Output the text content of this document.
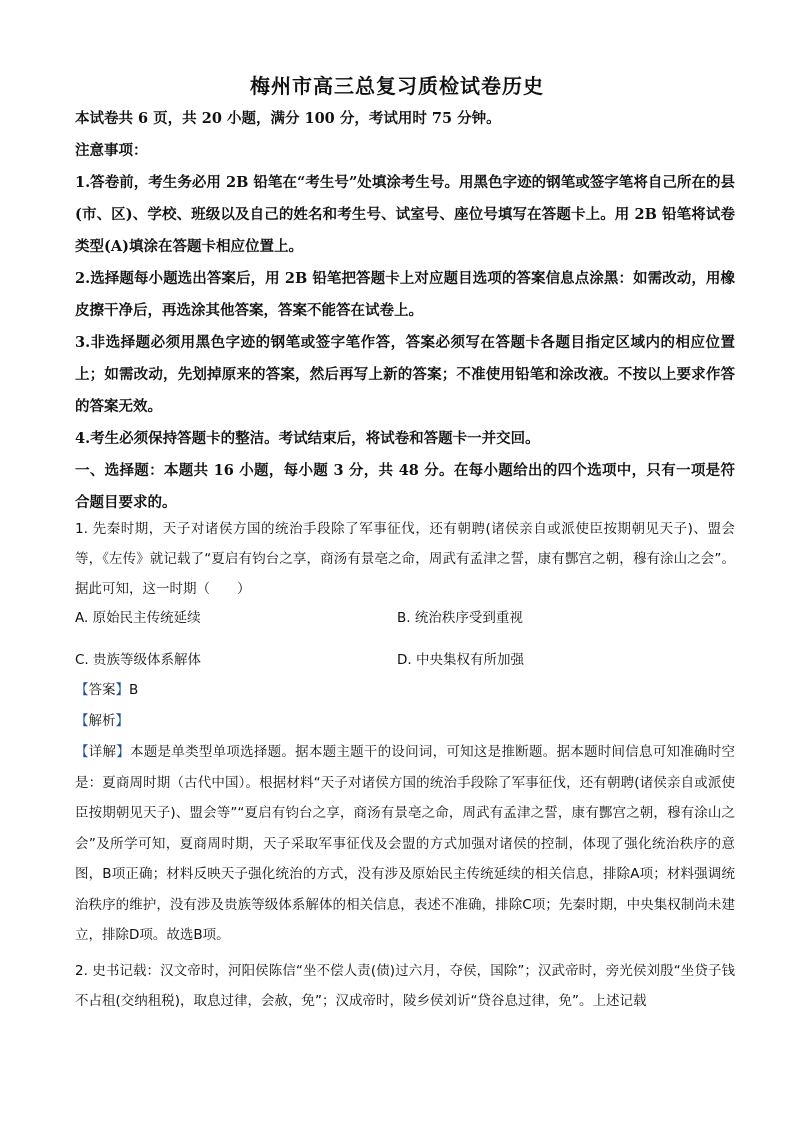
梅州市高三总复习质检试卷历史

本试卷共 6 页，共 20 小题，满分 100 分，考试用时 75 分钟。

注意事项：

1.答卷前，考生务必用 2B 铅笔在“考生号”处填涂考生号。用黑色字迹的钢笔或签字笔将自己所在的县(市、区)、学校、班级以及自己的姓名和考生号、试室号、座位号填写在答题卡上。用 2B 铅笔将试卷类型(A)填涂在答题卡相应位置上。

2.选择题每小题选出答案后，用 2B 铅笔把答题卡上对应题目选项的答案信息点涂黑：如需改动，用橡皮擦干净后，再选涂其他答案，答案不能答在试卷上。

3.非选择题必须用黑色字迹的钢笔或签字笔作答，答案必须写在答题卡各题目指定区域内的相应位置上；如需改动，先划掉原来的答案，然后再写上新的答案；不准使用铅笔和涂改液。不按以上要求作答的答案无效。

4.考生必须保持答题卡的整洁。考试结束后，将试卷和答题卡一并交回。

一、选择题：本题共 16 小题，每小题 3 分，共 48 分。在每小题给出的四个选项中，只有一项是符合题目要求的。

1. 先秦时期，天子对诸侯方国的统治手段除了军事征伐，还有朝聘(诸侯亲自或派使臣按期朝见天子)、盟会等，《左传》就记载了“夏启有钧台之享，商汤有景亳之命，周武有孟津之誓，康有酆宫之朝，穆有涂山之会”。据此可知，这一时期（　　）

A. 原始民主传统延续	B. 统治秩序受到重视
C. 贵族等级体系解体	D. 中央集权有所加强
【答案】B
【解析】

【详解】本题是单类型单项选择题。据本题主题干的设问词，可知这是推断题。据本题时间信息可知准确时空是：夏商周时期（古代中国）。根据材料“天子对诸侯方国的统治手段除了军事征伐，还有朝聘(诸侯亲自或派使臣按期朝见天子)、盟会等”“夏启有钧台之享，商汤有景亳之命，周武有孟津之誓，康有酆宫之朝，穆有涂山之会”及所学可知，夏商周时期，天子采取军事征伐及会盟的方式加强对诸侯的控制，体现了强化统治秩序的意图，B项正确；材料反映天子强化统治的方式，没有涉及原始民主传统延续的相关信息，排除A项；材料强调统治秩序的维护，没有涉及贵族等级体系解体的相关信息，表述不准确，排除C项；先秦时期，中央集权制尚未建立，排除D项。故选B项。

2. 史书记载：汉文帝时，河阳侯陈信“坐不偿人责(债)过六月，夺侯，国除”；汉武帝时，旁光侯刘殷“坐贷子钱不占租(交纳租税)，取息过律，会赦，免”；汉成帝时，陵乡侯刘䜣“贷谷息过律，免”。上述记载
